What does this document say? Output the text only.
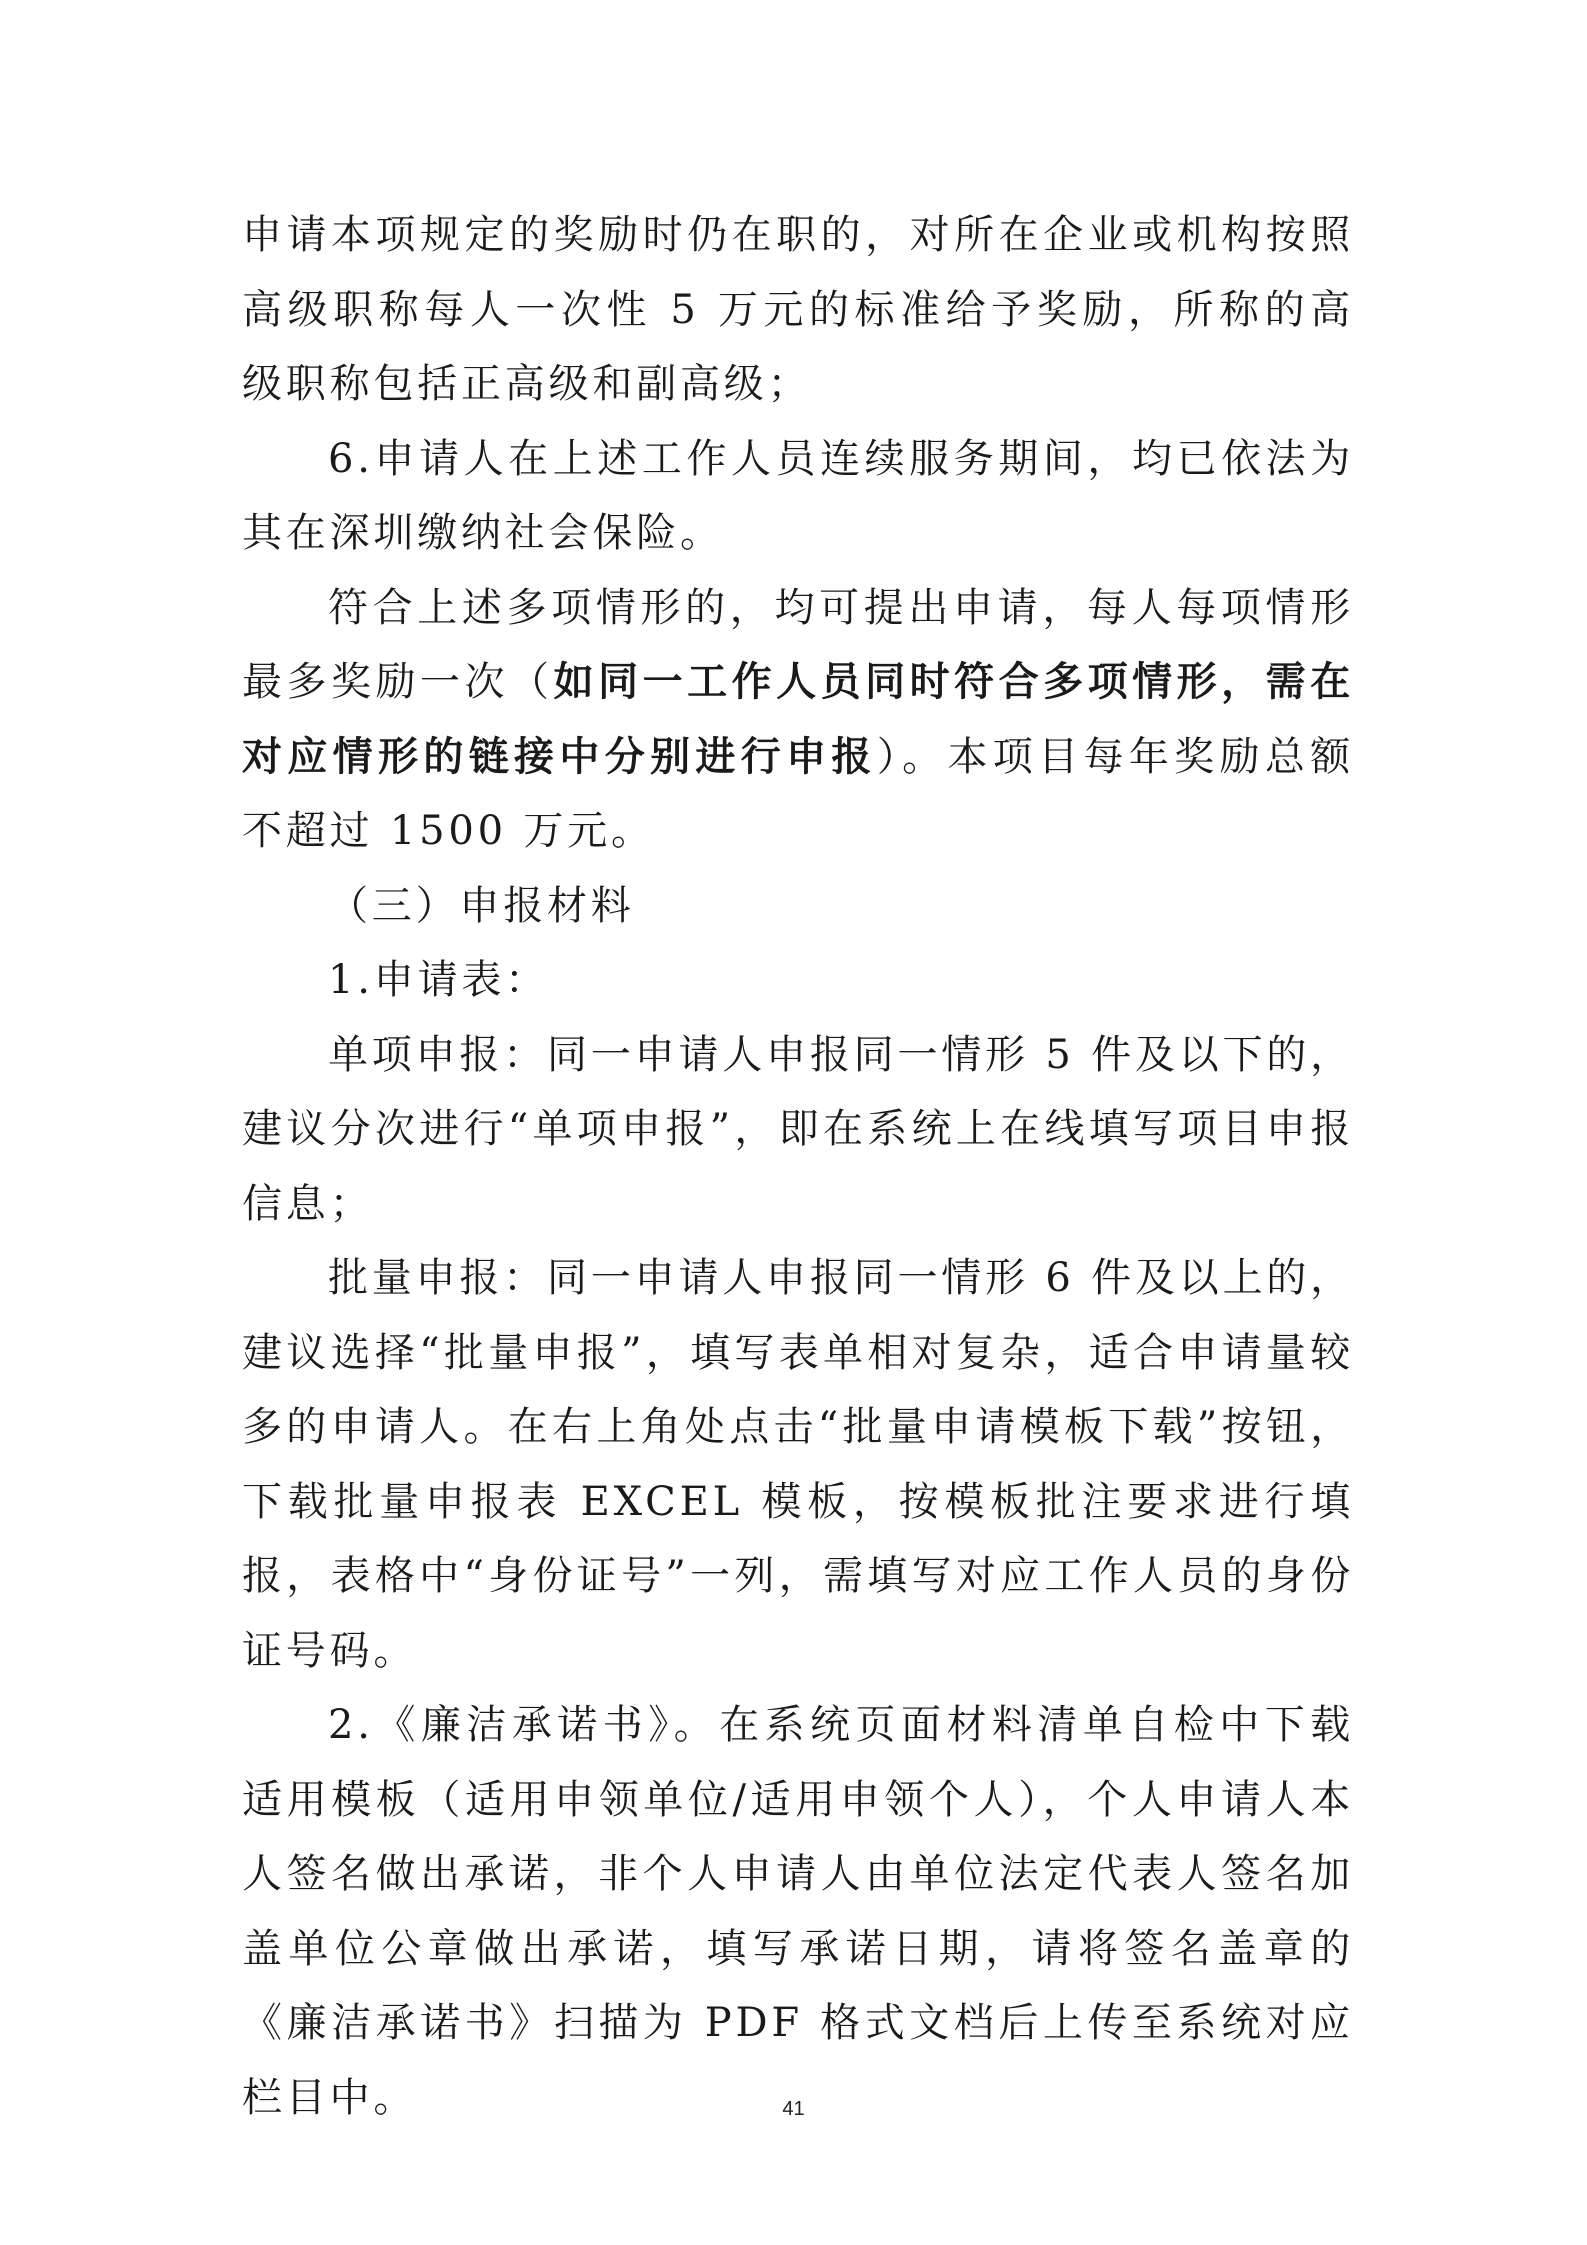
申请本项规定的奖励时仍在职的，对所在企业或机构按照高级职称每人一次性 5 万元的标准给予奖励，所称的高级职称包括正高级和副高级；

6.申请人在上述工作人员连续服务期间，均已依法为其在深圳缴纳社会保险。

符合上述多项情形的，均可提出申请，每人每项情形最多奖励一次（如同一工作人员同时符合多项情形，需在对应情形的链接中分别进行申报）。本项目每年奖励总额不超过 1500 万元。

（三）申报材料

1.申请表：

单项申报：同一申请人申报同一情形 5 件及以下的，建议分次进行“单项申报”，即在系统上在线填写项目申报信息；

批量申报：同一申请人申报同一情形 6 件及以上的，建议选择“批量申报”，填写表单相对复杂，适合申请量较多的申请人。在右上角处点击“批量申请模板下载”按钮，下载批量申报表 EXCEL 模板，按模板批注要求进行填报，表格中“身份证号”一列，需填写对应工作人员的身份证号码。

2.《廉洁承诺书》。在系统页面材料清单自检中下载适用模板（适用申领单位/适用申领个人），个人申请人本人签名做出承诺，非个人申请人由单位法定代表人签名加盖单位公章做出承诺，填写承诺日期，请将签名盖章的《廉洁承诺书》扫描为 PDF 格式文档后上传至系统对应栏目中。	41
